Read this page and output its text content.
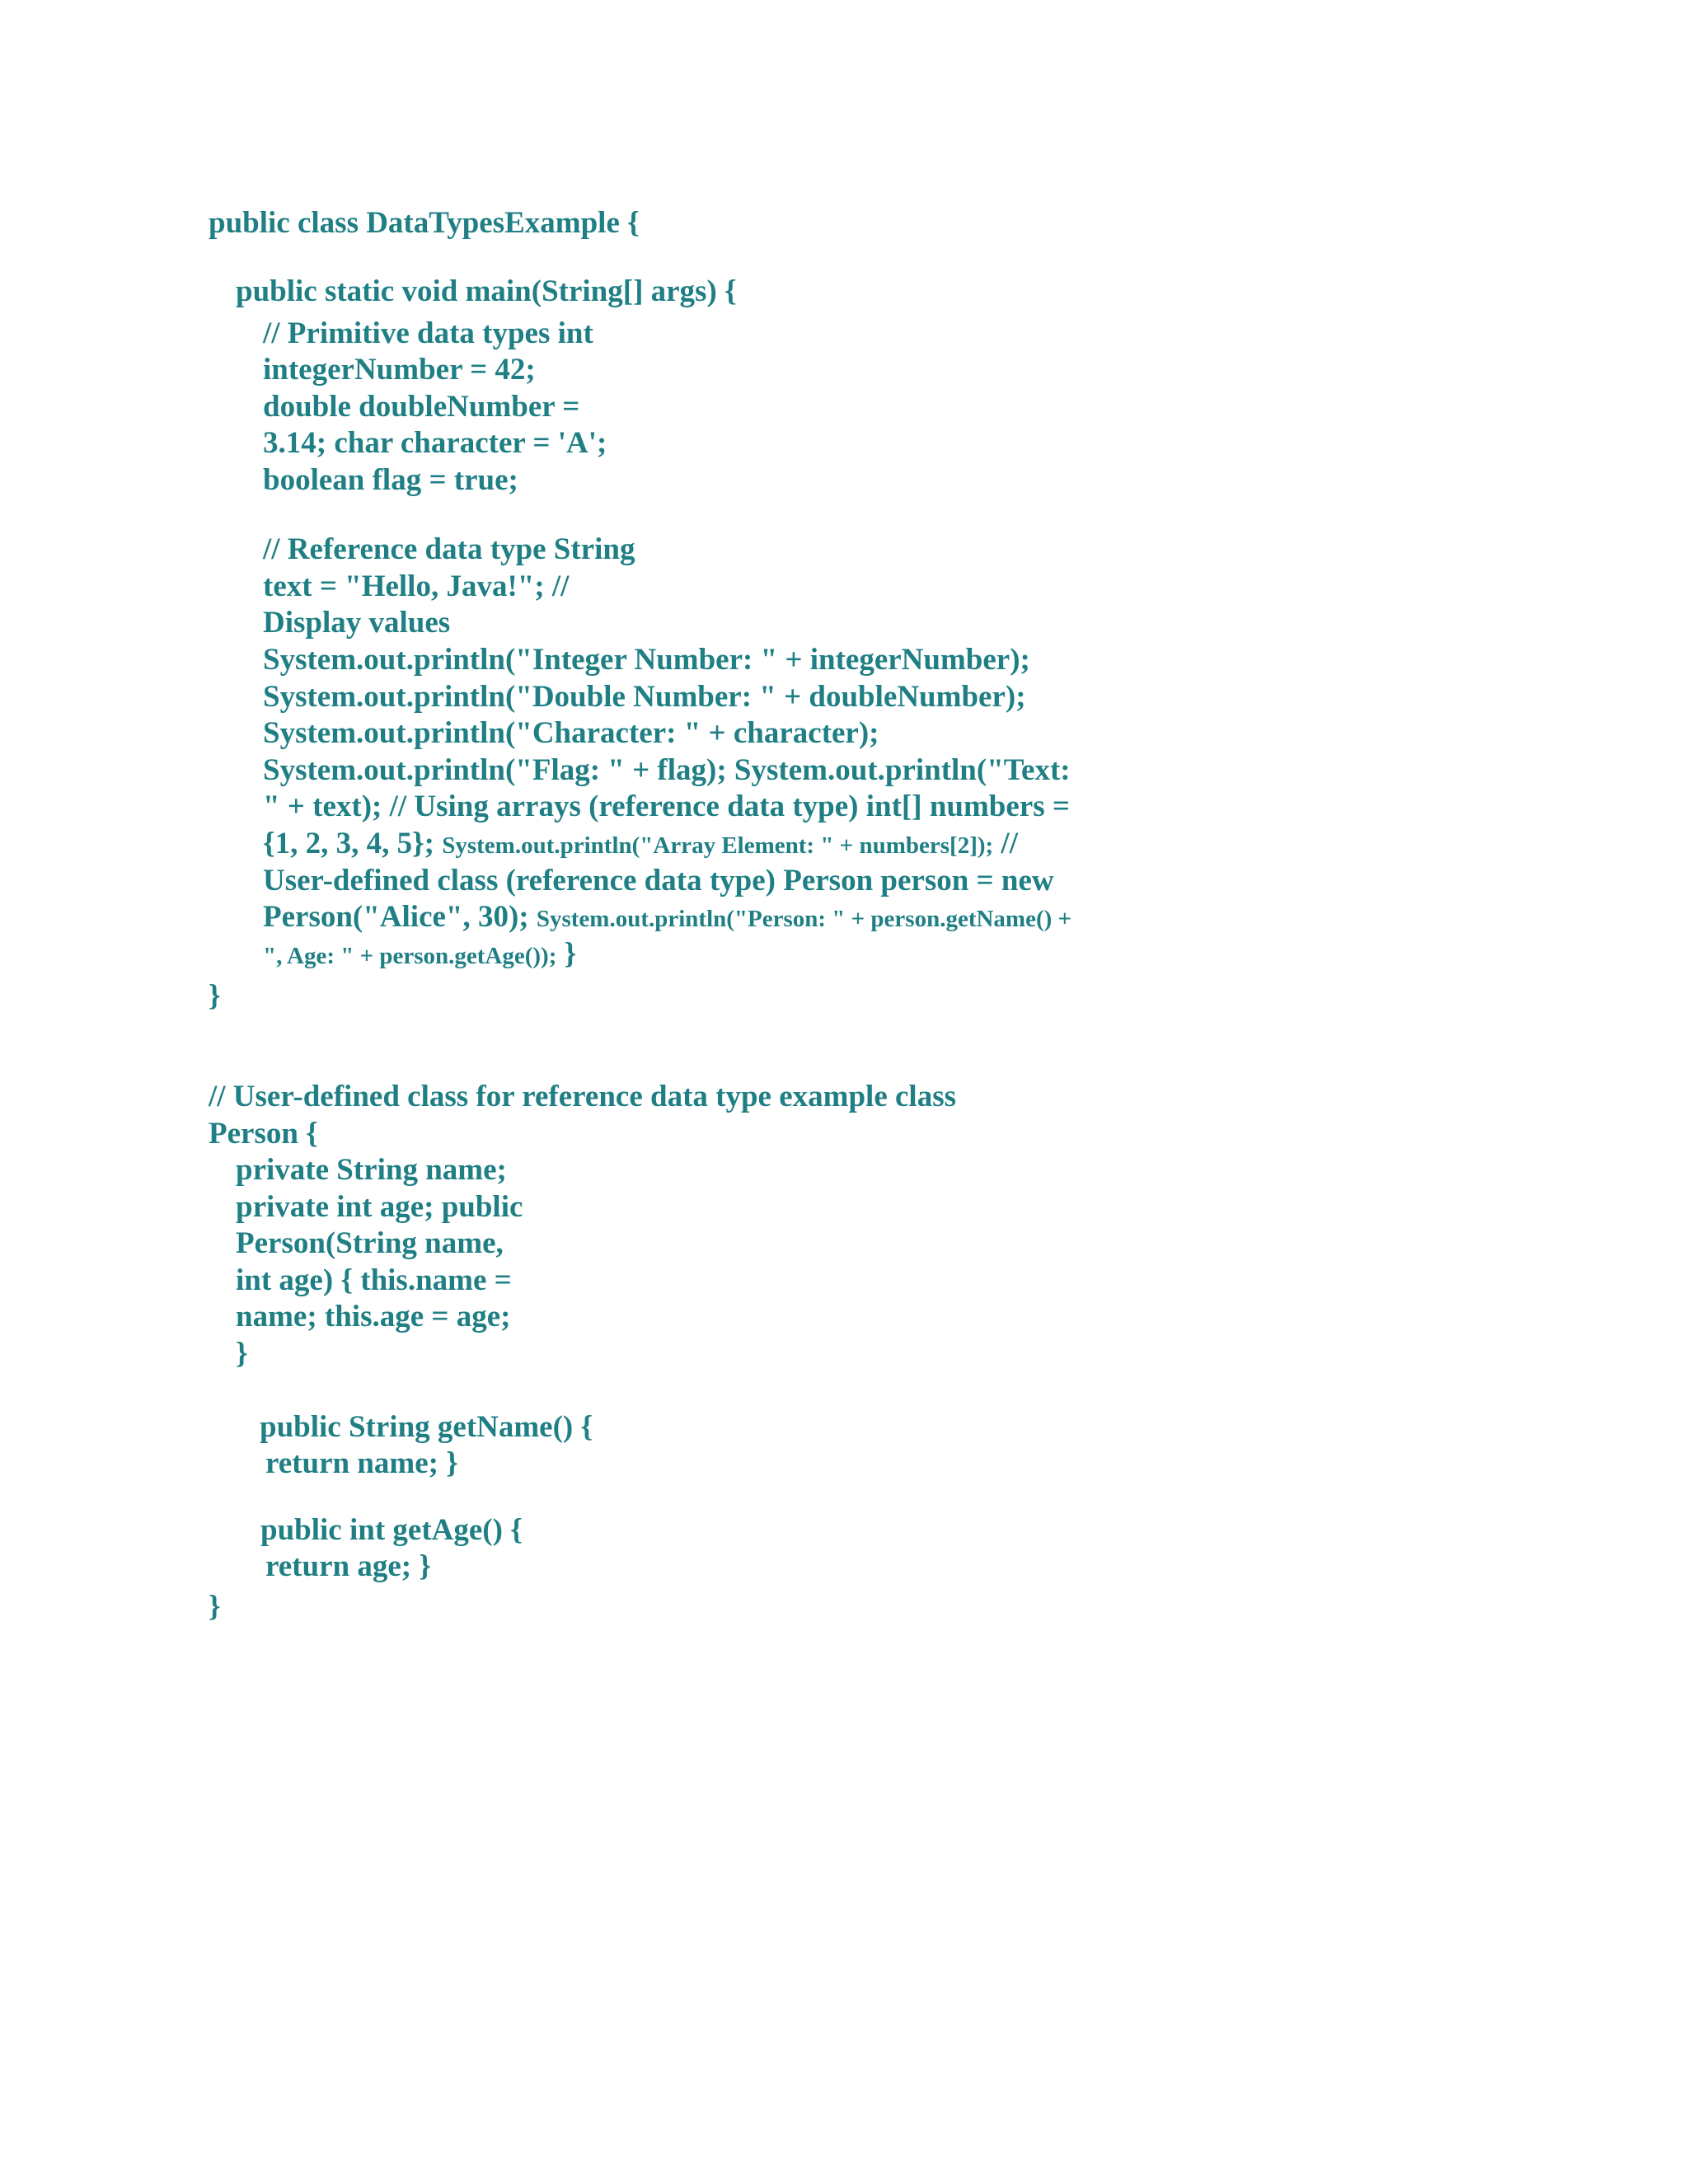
public class DataTypesExample {
public static void main(String[] args) {
// Primitive data types int
integerNumber = 42;
double doubleNumber =
3.14; char character = 'A';
boolean flag = true;
// Reference data type String
text = "Hello, Java!"; //
Display values
System.out.println("Integer Number: " + integerNumber);
System.out.println("Double Number: " + doubleNumber);
System.out.println("Character: " + character);
System.out.println("Flag: " + flag); System.out.println("Text:
" + text); // Using arrays (reference data type) int[] numbers =
{1, 2, 3, 4, 5}; System.out.println("Array Element: " + numbers[2]); //
User-defined class (reference data type) Person person = new
Person("Alice", 30); System.out.println("Person: " + person.getName() +
", Age: " + person.getAge()); }
}
// User-defined class for reference data type example class
Person {
private String name;
private int age; public
Person(String name,
int age) { this.name =
name; this.age = age;
}
public String getName() {
return name; }
public int getAge() {
return age; }
}
